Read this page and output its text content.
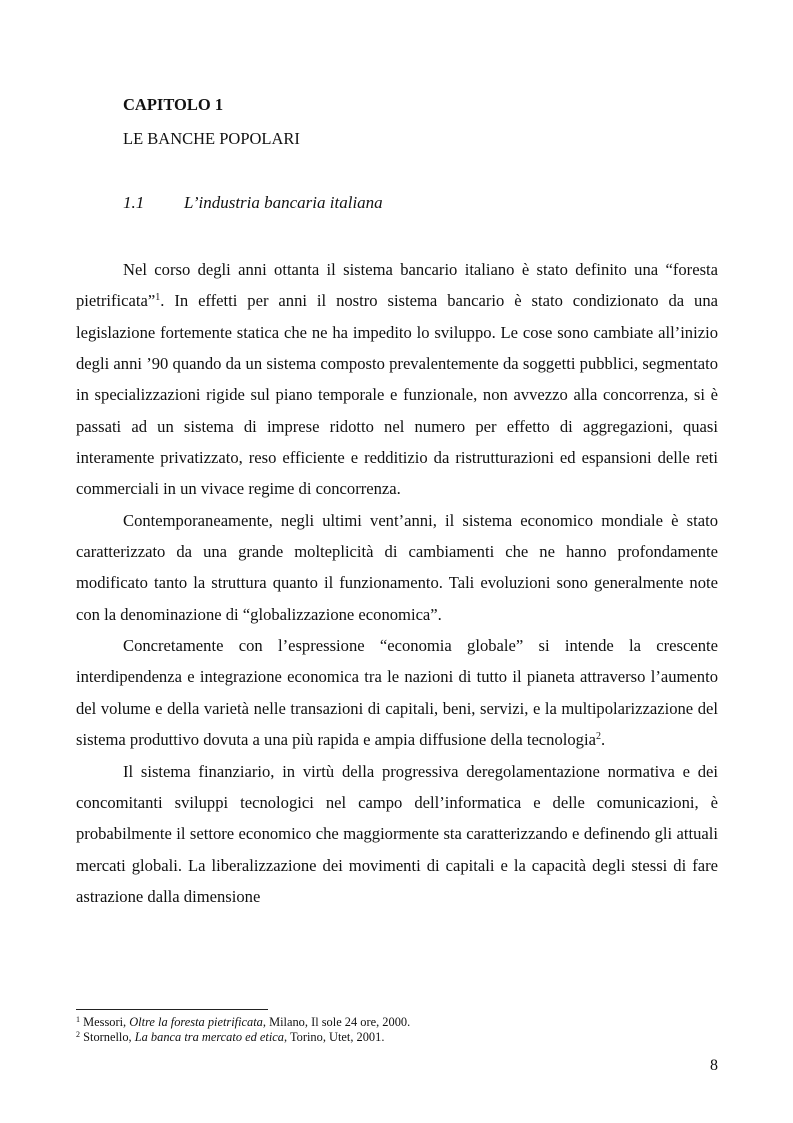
CAPITOLO 1
LE BANCHE POPOLARI
1.1 L’industria bancaria italiana

Nel corso degli anni ottanta il sistema bancario italiano è stato definito una “foresta pietrificata”$^1$. In effetti per anni il nostro sistema bancario è stato condizionato da una legislazione fortemente statica che ne ha impedito lo sviluppo. Le cose sono cambiate all’inizio degli anni ’90 quando da un sistema composto prevalentemente da soggetti pubblici, segmentato in specializzazioni rigide sul piano temporale e funzionale, non avvezzo alla concorrenza, si è passati ad un sistema di imprese ridotto nel numero per effetto di aggregazioni, quasi interamente privatizzato, reso efficiente e redditizio da ristrutturazioni ed espansioni delle reti commerciali in un vivace regime di concorrenza.

Contemporaneamente, negli ultimi vent’anni, il sistema economico mondiale è stato caratterizzato da una grande molteplicità di cambiamenti che ne hanno profondamente modificato tanto la struttura quanto il funzionamento. Tali evoluzioni sono generalmente note con la denominazione di “globalizzazione economica”.

Concretamente con l’espressione “economia globale” si intende la crescente interdipendenza e integrazione economica tra le nazioni di tutto il pianeta attraverso l’aumento del volume e della varietà nelle transazioni di capitali, beni, servizi, e la multipolarizzazione del sistema produttivo dovuta a una più rapida e ampia diffusione della tecnologia$^2$.

Il sistema finanziario, in virtù della progressiva deregolamentazione normativa e dei concomitanti sviluppi tecnologici nel campo dell’informatica e delle comunicazioni, è probabilmente il settore economico che maggiormente sta caratterizzando e definendo gli attuali mercati globali. La liberalizzazione dei movimenti di capitali e la capacità degli stessi di fare astrazione dalla dimensione

$^1$ Messori, Oltre la foresta pietrificata, Milano, Il sole 24 ore, 2000.
$^2$ Stornello, La banca tra mercato ed etica, Torino, Utet, 2001.
8
